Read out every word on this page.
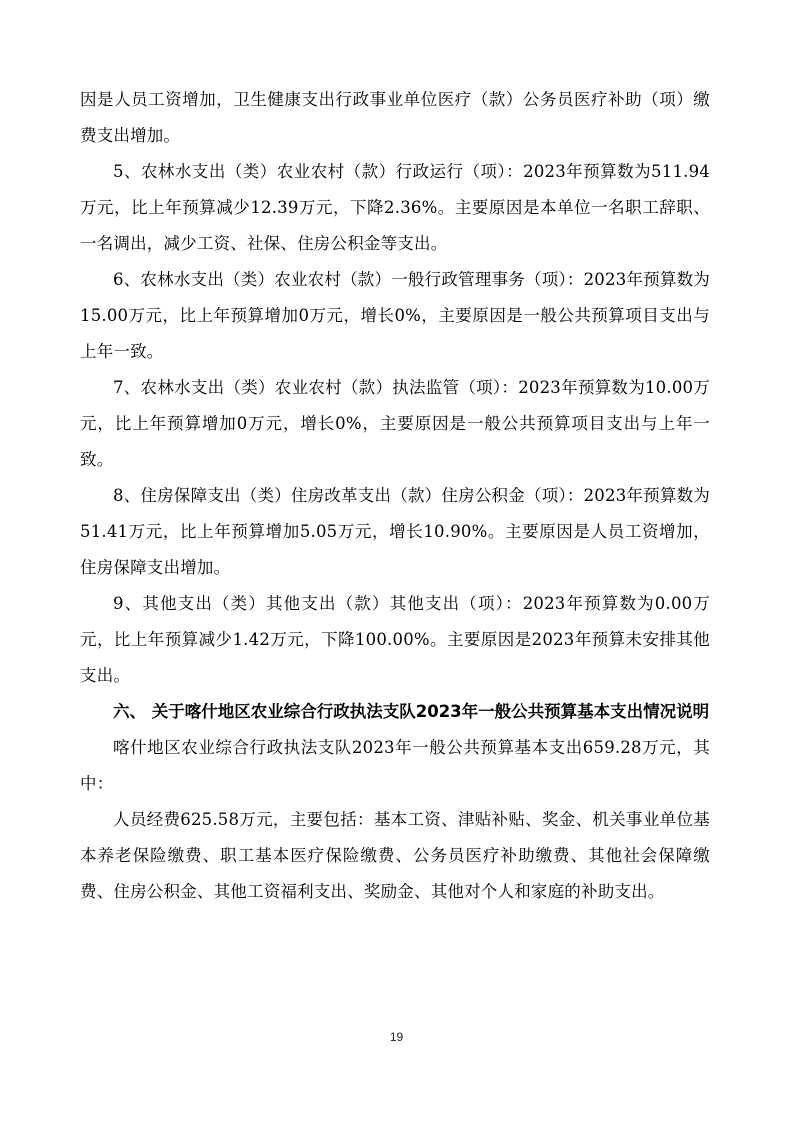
因是人员工资增加，卫生健康支出行政事业单位医疗（款）公务员医疗补助（项）缴费支出增加。

5、农林水支出（类）农业农村（款）行政运行（项）：2023年预算数为511.94万元，比上年预算减少12.39万元，下降2.36%。主要原因是本单位一名职工辞职、一名调出，减少工资、社保、住房公积金等支出。

6、农林水支出（类）农业农村（款）一般行政管理事务（项）：2023年预算数为15.00万元，比上年预算增加0万元，增长0%，主要原因是一般公共预算项目支出与上年一致。

7、农林水支出（类）农业农村（款）执法监管（项）：2023年预算数为10.00万元，比上年预算增加0万元，增长0%，主要原因是一般公共预算项目支出与上年一致。

8、住房保障支出（类）住房改革支出（款）住房公积金（项）：2023年预算数为51.41万元，比上年预算增加5.05万元，增长10.90%。主要原因是人员工资增加，住房保障支出增加。

9、其他支出（类）其他支出（款）其他支出（项）：2023年预算数为0.00万元，比上年预算减少1.42万元，下降100.00%。主要原因是2023年预算未安排其他支出。

六、 关于喀什地区农业综合行政执法支队2023年一般公共预算基本支出情况说明

喀什地区农业综合行政执法支队2023年一般公共预算基本支出659.28万元，其中：

人员经费625.58万元，主要包括：基本工资、津贴补贴、奖金、机关事业单位基本养老保险缴费、职工基本医疗保险缴费、公务员医疗补助缴费、其他社会保障缴费、住房公积金、其他工资福利支出、奖励金、其他对个人和家庭的补助支出。

19
